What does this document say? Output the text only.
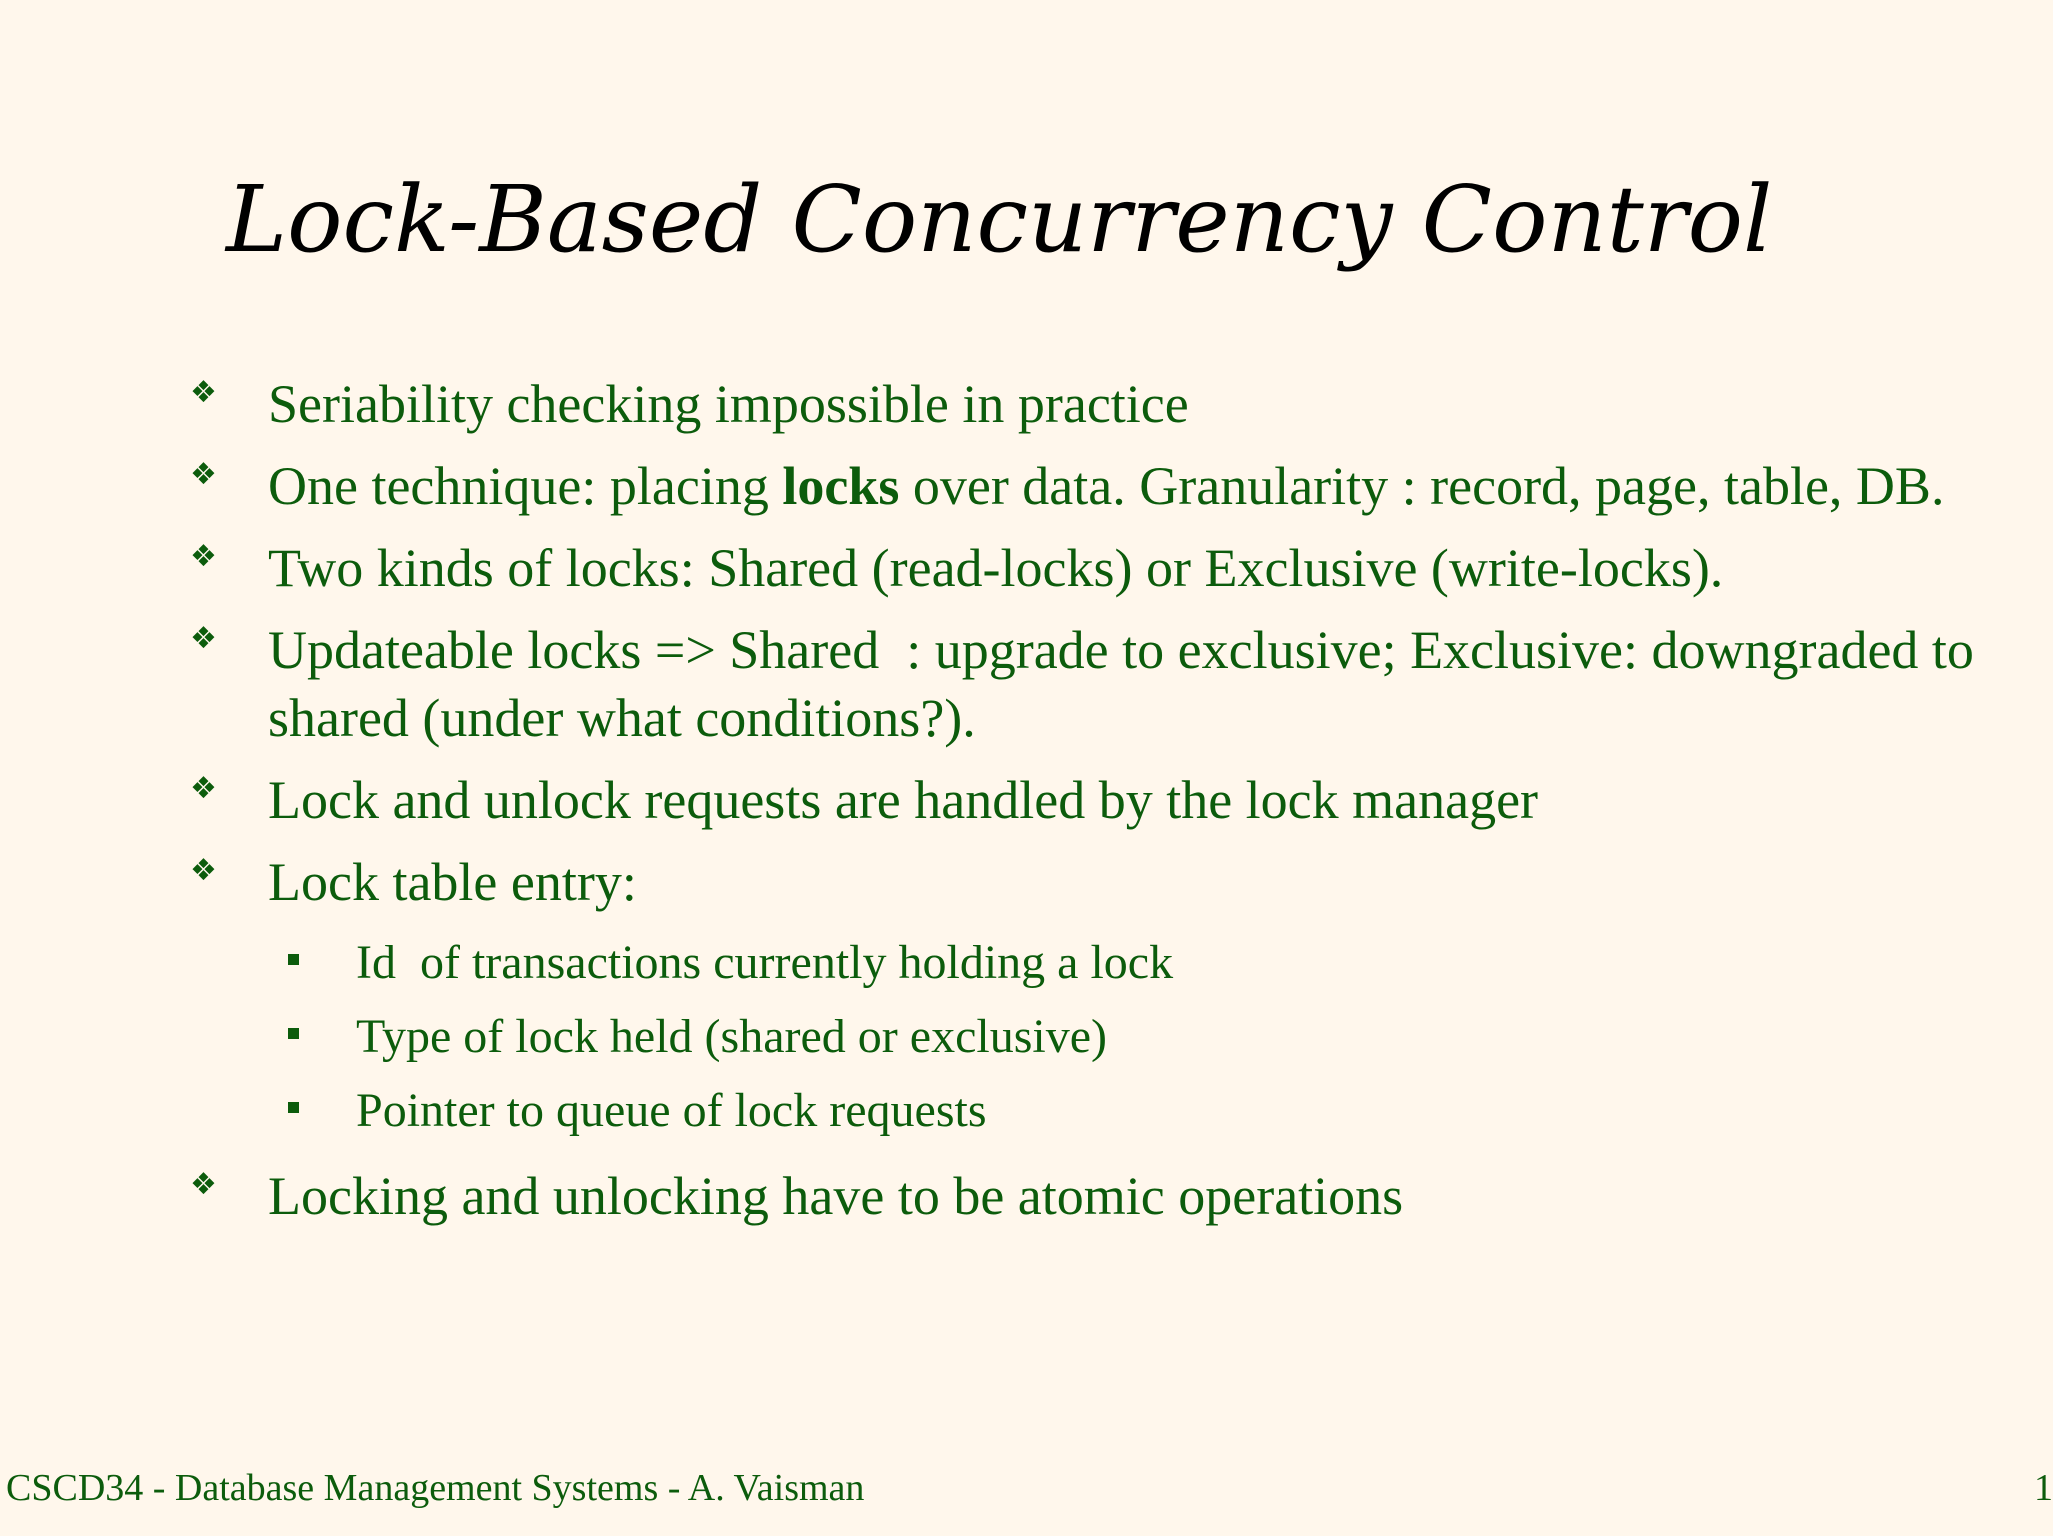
Lock-Based Concurrency Control
❖ Seriability checking impossible in practice
❖ One technique: placing locks over data. Granularity : record, page, table, DB.
❖ Two kinds of locks: Shared (read-locks) or Exclusive (write-locks).
❖ Updateable locks => Shared  : upgrade to exclusive; Exclusive: downgraded to shared (under what conditions?).
❖ Lock and unlock requests are handled by the lock manager
❖ Lock table entry:
Id  of transactions currently holding a lock
Type of lock held (shared or exclusive)
Pointer to queue of lock requests
❖ Locking and unlocking have to be atomic operations
CSCD34 - Database Management Systems - A. Vaisman	1
